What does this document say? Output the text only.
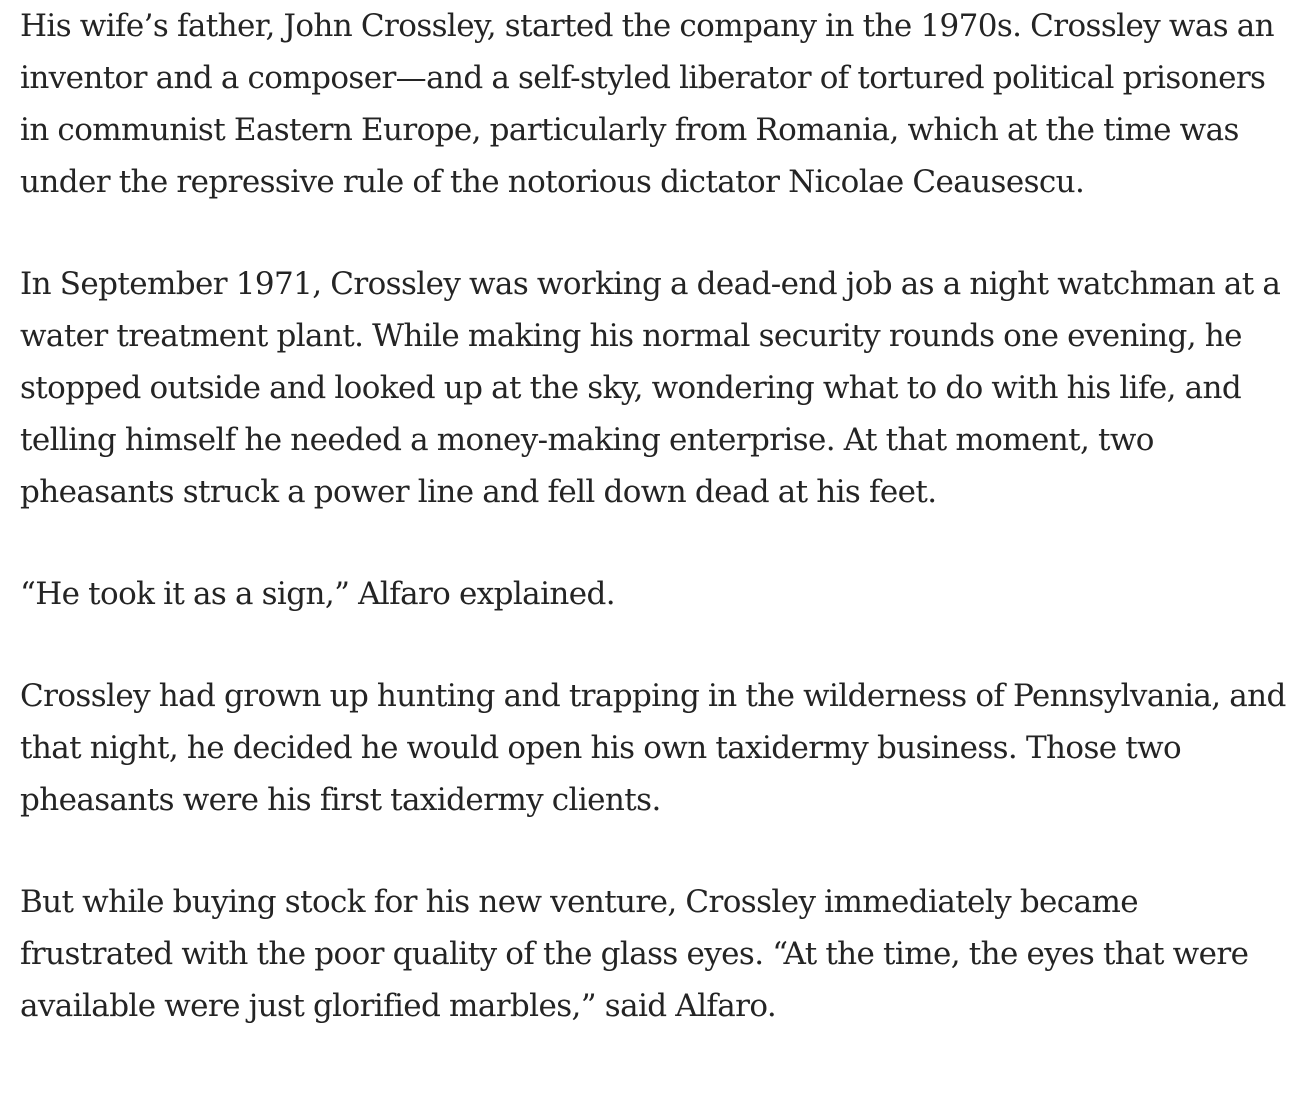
His wife’s father, John Crossley, started the company in the 1970s. Crossley was an
inventor and a composer—and a self-styled liberator of tortured political prisoners
in communist Eastern Europe, particularly from Romania, which at the time was
under the repressive rule of the notorious dictator Nicolae Ceausescu.

In September 1971, Crossley was working a dead-end job as a night watchman at a
water treatment plant. While making his normal security rounds one evening, he
stopped outside and looked up at the sky, wondering what to do with his life, and
telling himself he needed a money-making enterprise. At that moment, two
pheasants struck a power line and fell down dead at his feet.

“He took it as a sign,” Alfaro explained.

Crossley had grown up hunting and trapping in the wilderness of Pennsylvania, and
that night, he decided he would open his own taxidermy business. Those two
pheasants were his first taxidermy clients.

But while buying stock for his new venture, Crossley immediately became
frustrated with the poor quality of the glass eyes. “At the time, the eyes that were
available were just glorified marbles,” said Alfaro.
